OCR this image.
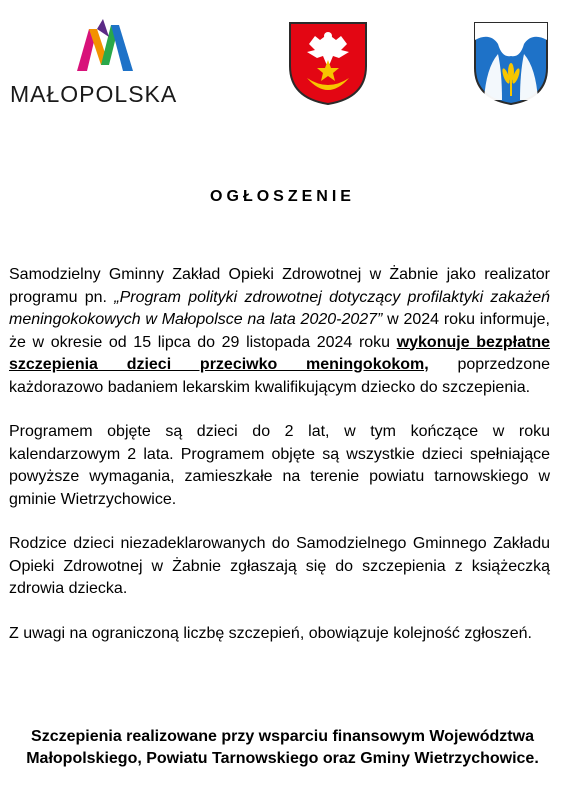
MAŁOPOLSKA
OGŁOSZENIE

Samodzielny Gminny Zakład Opieki Zdrowotnej w Żabnie jako realizator programu pn. „Program polityki zdrowotnej dotyczący profilaktyki zakażeń meningokokowych w Małopolsce na lata 2020-2027” w 2024 roku informuje, że w okresie od 15 lipca do 29 listopada 2024 roku wykonuje bezpłatne szczepienia dzieci przeciwko meningokokom, poprzedzone każdorazowo badaniem lekarskim kwalifikującym dziecko do szczepienia.

Programem objęte są dzieci do 2 lat, w tym kończące w roku kalendarzowym 2 lata. Programem objęte są wszystkie dzieci spełniające powyższe wymagania, zamieszkałe na terenie powiatu tarnowskiego w gminie Wietrzychowice.

Rodzice dzieci niezadeklarowanych do Samodzielnego Gminnego Zakładu Opieki Zdrowotnej w Żabnie zgłaszają się do szczepienia z książeczką zdrowia dziecka.

Z uwagi na ograniczoną liczbę szczepień, obowiązuje kolejność zgłoszeń.

Szczepienia realizowane przy wsparciu finansowym Województwa Małopolskiego, Powiatu Tarnowskiego oraz Gminy Wietrzychowice.
